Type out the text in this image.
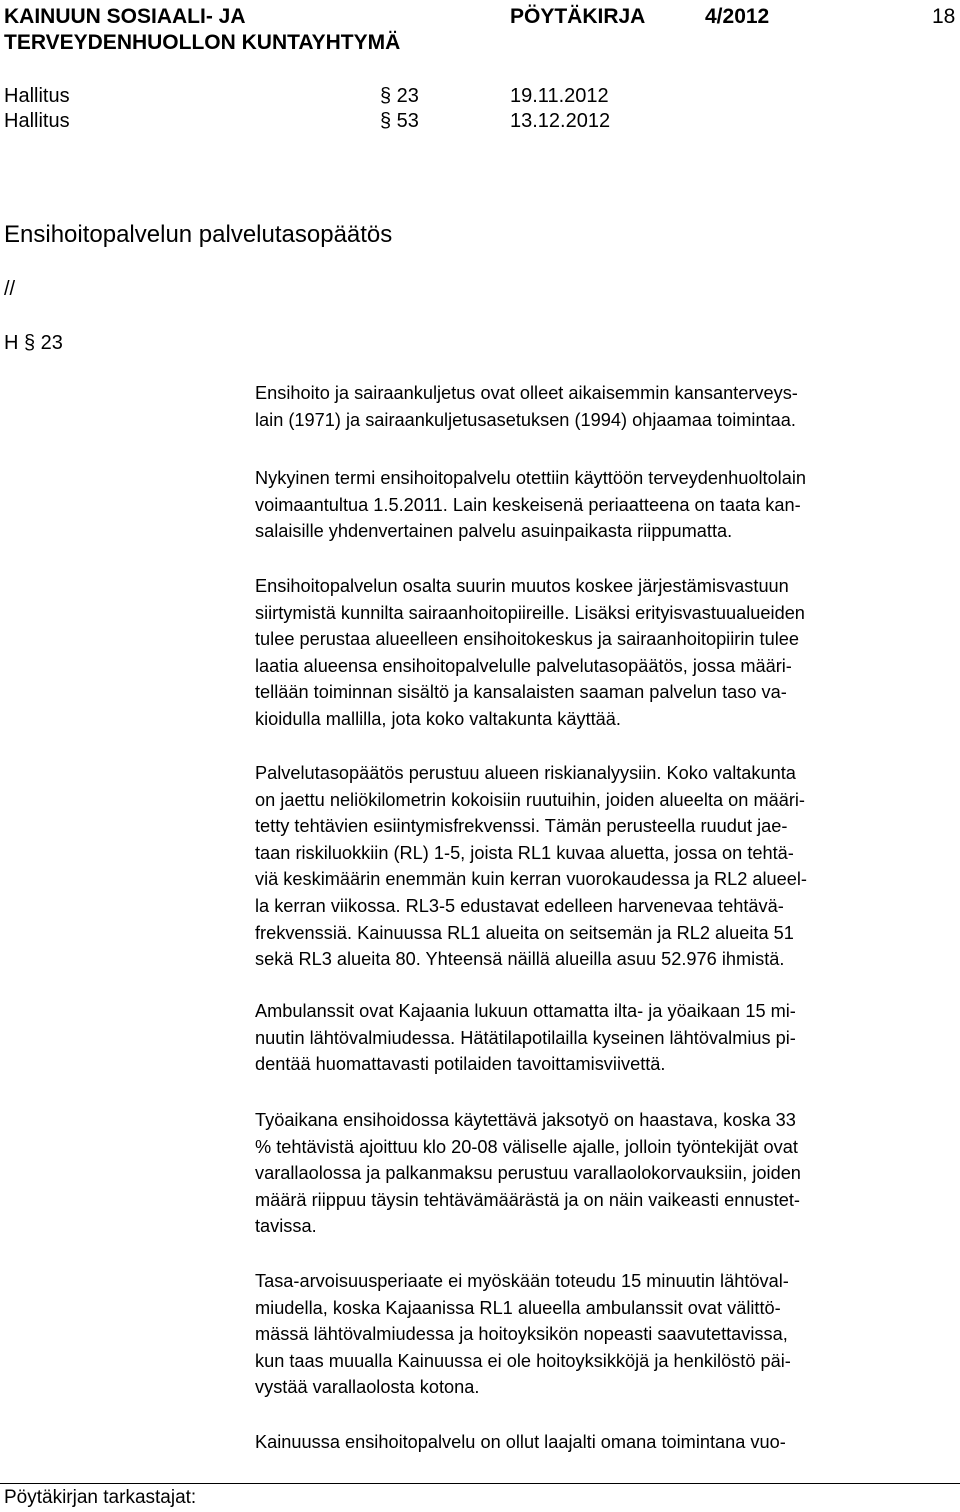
KAINUUN SOSIAALI- JA
TERVEYDENHUOLLON KUNTAYHTYMÄ
PÖYTÄKIRJA	4/2012	18
Hallitus	§ 23	19.11.2012
Hallitus	§ 53	13.12.2012
Ensihoitopalvelun palvelutasopäätös
//
H § 23
Ensihoito ja sairaankuljetus ovat olleet aikaisemmin kansanterveys-
lain (1971) ja sairaankuljetusasetuksen (1994) ohjaamaa toimintaa.
Nykyinen termi ensihoitopalvelu otettiin käyttöön terveydenhuoltolain
voimaantultua 1.5.2011. Lain keskeisenä periaatteena on taata kan-
salaisille yhdenvertainen palvelu asuinpaikasta riippumatta.
Ensihoitopalvelun osalta suurin muutos koskee järjestämisvastuun
siirtymistä kunnilta sairaanhoitopiireille. Lisäksi erityisvastuualueiden
tulee perustaa alueelleen ensihoitokeskus ja sairaanhoitopiirin tulee
laatia alueensa ensihoitopalvelulle palvelutasopäätös, jossa määri-
tellään toiminnan sisältö ja kansalaisten saaman palvelun taso va-
kioidulla mallilla, jota koko valtakunta käyttää.
Palvelutasopäätös perustuu alueen riskianalyysiin. Koko valtakunta
on jaettu neliökilometrin kokoisiin ruutuihin, joiden alueelta on määri-
tetty tehtävien esiintymisfrekvenssi. Tämän perusteella ruudut jae-
taan riskiluokkiin (RL) 1-5, joista RL1 kuvaa aluetta, jossa on tehtä-
viä keskimäärin enemmän kuin kerran vuorokaudessa ja RL2 alueel-
la kerran viikossa. RL3-5 edustavat edelleen harvenevaa tehtävä-
frekvenssiä. Kainuussa RL1 alueita on seitsemän ja RL2 alueita 51
sekä RL3 alueita 80. Yhteensä näillä alueilla asuu 52.976 ihmistä.
Ambulanssit ovat Kajaania lukuun ottamatta ilta- ja yöaikaan 15 mi-
nuutin lähtövalmiudessa. Hätätilapotilailla kyseinen lähtövalmius pi-
dentää huomattavasti potilaiden tavoittamisviivettä.
Työaikana ensihoidossa käytettävä jaksotyö on haastava, koska 33
% tehtävistä ajoittuu klo 20-08 väliselle ajalle, jolloin työntekijät ovat
varallaolossa ja palkanmaksu perustuu varallaolokorvauksiin, joiden
määrä riippuu täysin tehtävämäärästä ja on näin vaikeasti ennustet-
tavissa.
Tasa-arvoisuusperiaate ei myöskään toteudu 15 minuutin lähtöval-
miudella, koska Kajaanissa RL1 alueella ambulanssit ovat välittö-
mässä lähtövalmiudessa ja hoitoyksikön nopeasti saavutettavissa,
kun taas muualla Kainuussa ei ole hoitoyksikköjä ja henkilöstö päi-
vystää varallaolosta kotona.
Kainuussa ensihoitopalvelu on ollut laajalti omana toimintana vuo-
Pöytäkirjan tarkastajat:
